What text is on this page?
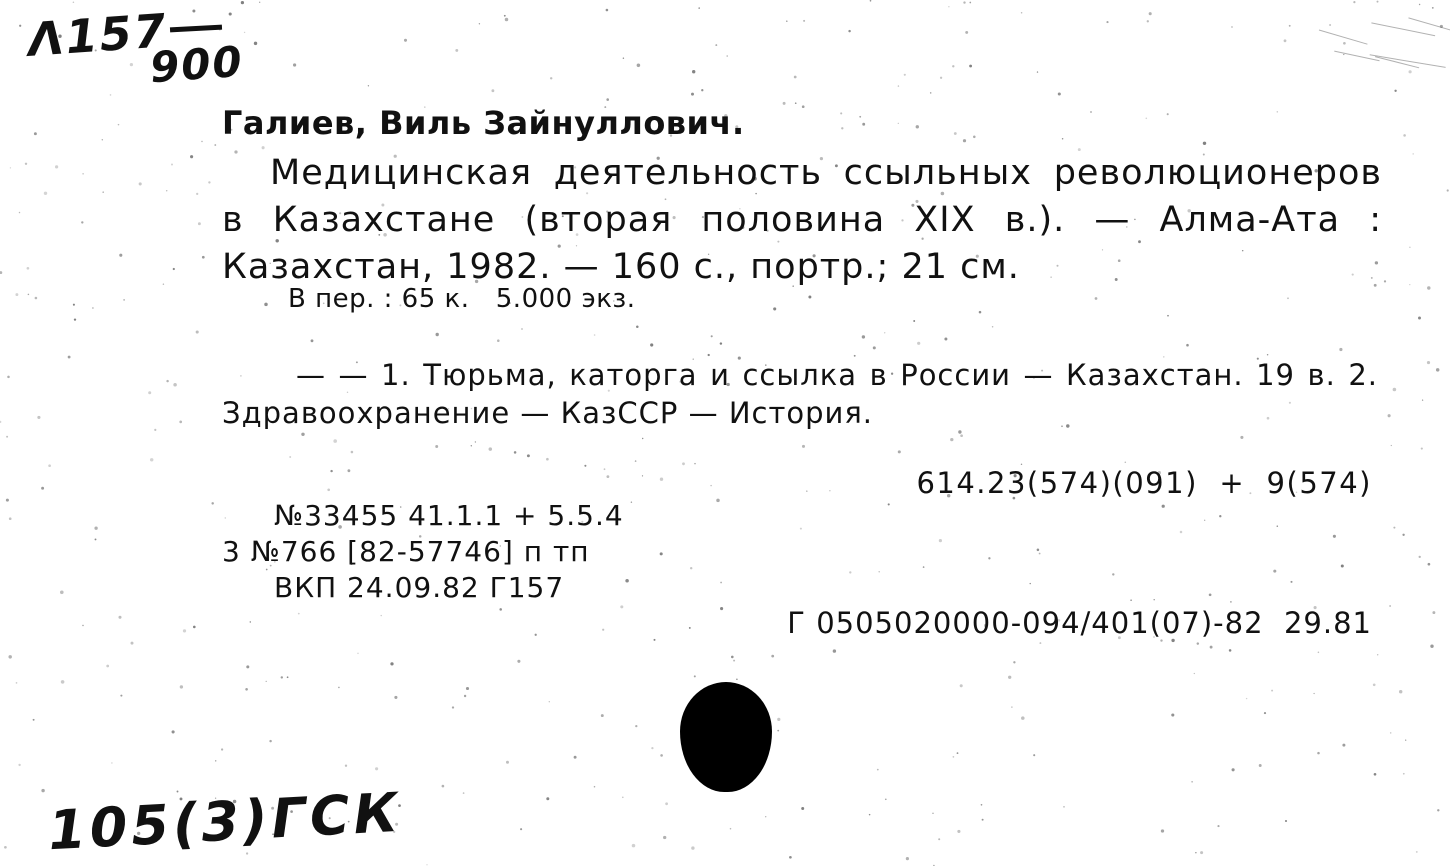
Λ157
900
Галиев, Виль Зайнуллович.
Медицинская деятельность ссыльных революционеров в Казахстане (вторая половина XIX в.). — Алма-Ата : Казахстан, 1982. — 160 с., портр.; 21 см.
В пер. : 65 к.   5.000 экз.
— — 1. Тюрьма, каторга и ссылка в России — Казахстан. 19 в. 2. Здравоохранение — КазССР — История.
614.23(574)(091)  +  9(574)
№33455 41.1.1 + 5.5.4
3 №766 [82-57746] п тп
ВКП 24.09.82 Г157
Г 0505020000-094/401(07)-82  29.81
105(3)ГСК
